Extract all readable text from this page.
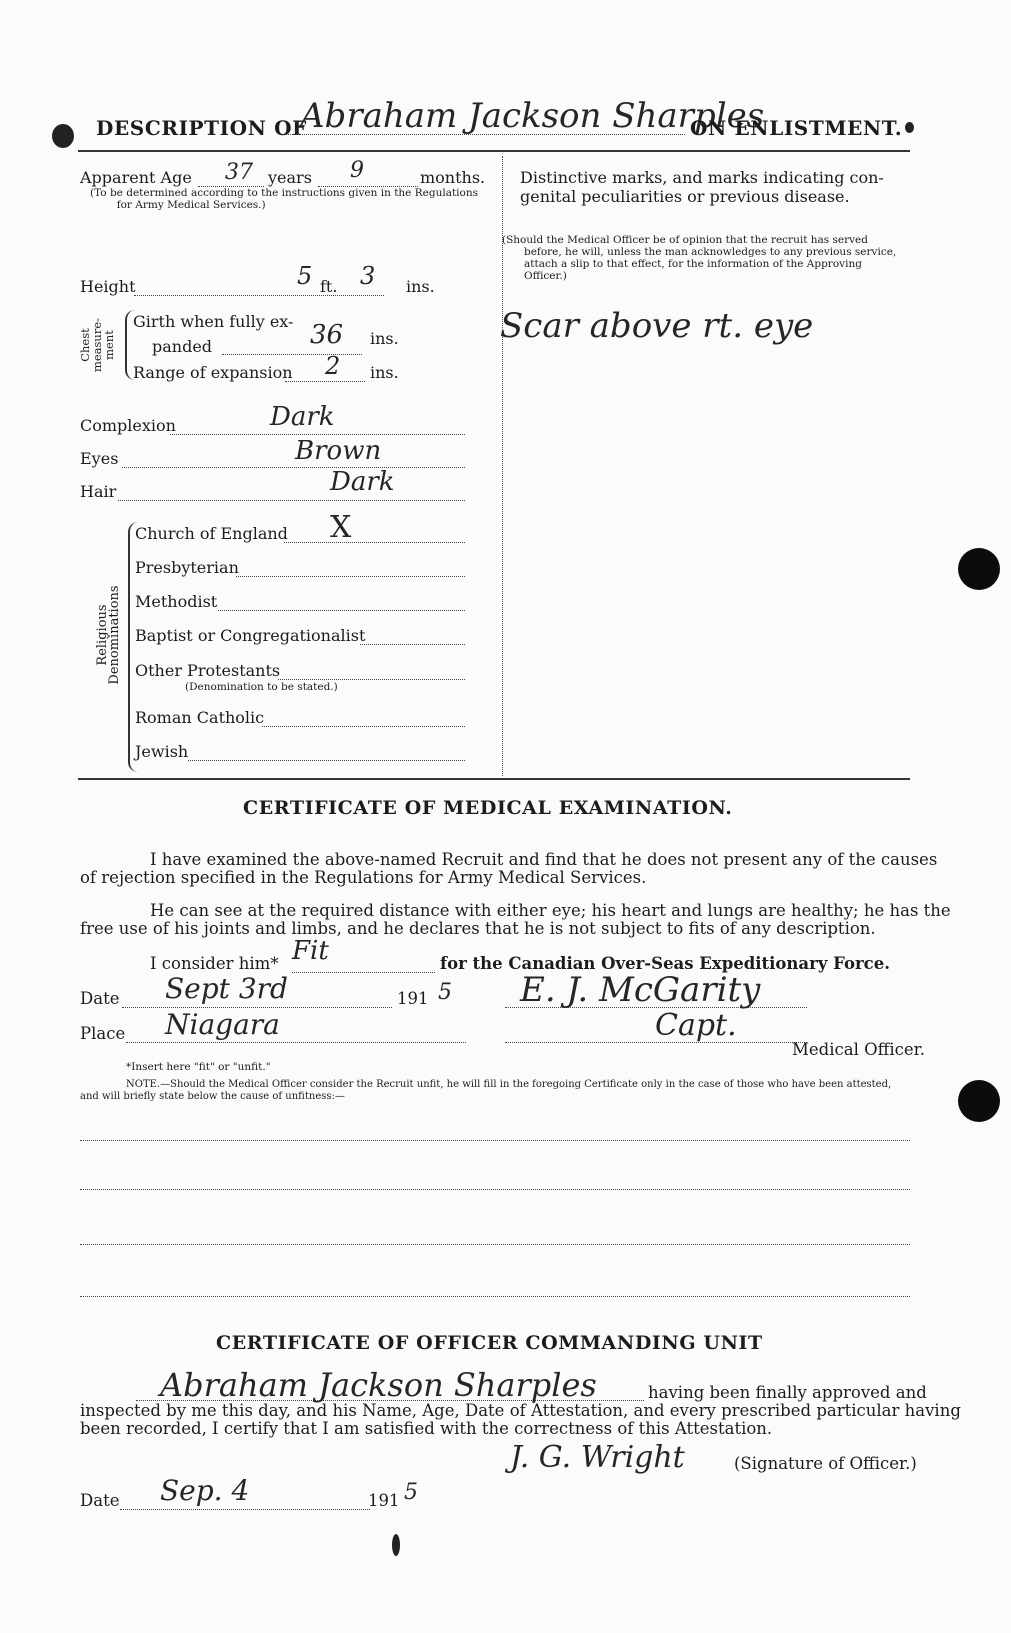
DESCRIPTION OF
Abraham Jackson Sharples
ON ENLISTMENT.
Apparent Age 37 years 9	months.
(To be determined according to the instructions given in the Regulations
for Army Medical Services.)
Height	5 ft. 3 ins.
Chest measure- ment
Girth when fully ex-
panded	36 ins.
Range of expansion 2 ins.
Complexion	Dark
Eyes	Brown
Hair	Dark
Religious Denominations
Church of England X
Presbyterian
Methodist
Baptist or Congregationalist
Other Protestants
(Denomination to be stated.)
Roman Catholic
Jewish
Distinctive marks, and marks indicating con-
genital peculiarities or previous disease.
(Should the Medical Officer be of opinion that the recruit has served
before, he will, unless the man acknowledges to any previous service,
attach a slip to that effect, for the information of the Approving
Officer.)
Scar above rt. eye
CERTIFICATE OF MEDICAL EXAMINATION.
I have examined the above-named Recruit and find that he does not present any of the causes
of rejection specified in the Regulations for Army Medical Services.
He can see at the required distance with either eye; his heart and lungs are healthy; he has the
free use of his joints and limbs, and he declares that he is not subject to fits of any description.
I consider him* Fit	for the Canadian Over-Seas Expeditionary Force.
Date Sept 3rd	191 5 E. J. McGarity
Place Niagara	Capt.
Medical Officer.
*Insert here "fit" or "unfit."
NOTE.—Should the Medical Officer consider the Recruit unfit, he will fill in the foregoing Certificate only in the case of those who have been attested,
and will briefly state below the cause of unfitness:—
CERTIFICATE OF OFFICER COMMANDING UNIT
Abraham Jackson Sharples	having been finally approved and
inspected by me this day, and his Name, Age, Date of Attestation, and every prescribed particular having
been recorded, I certify that I am satisfied with the correctness of this Attestation.
J. G. Wright	(Signature of Officer.)
Date Sep. 4	191 5
